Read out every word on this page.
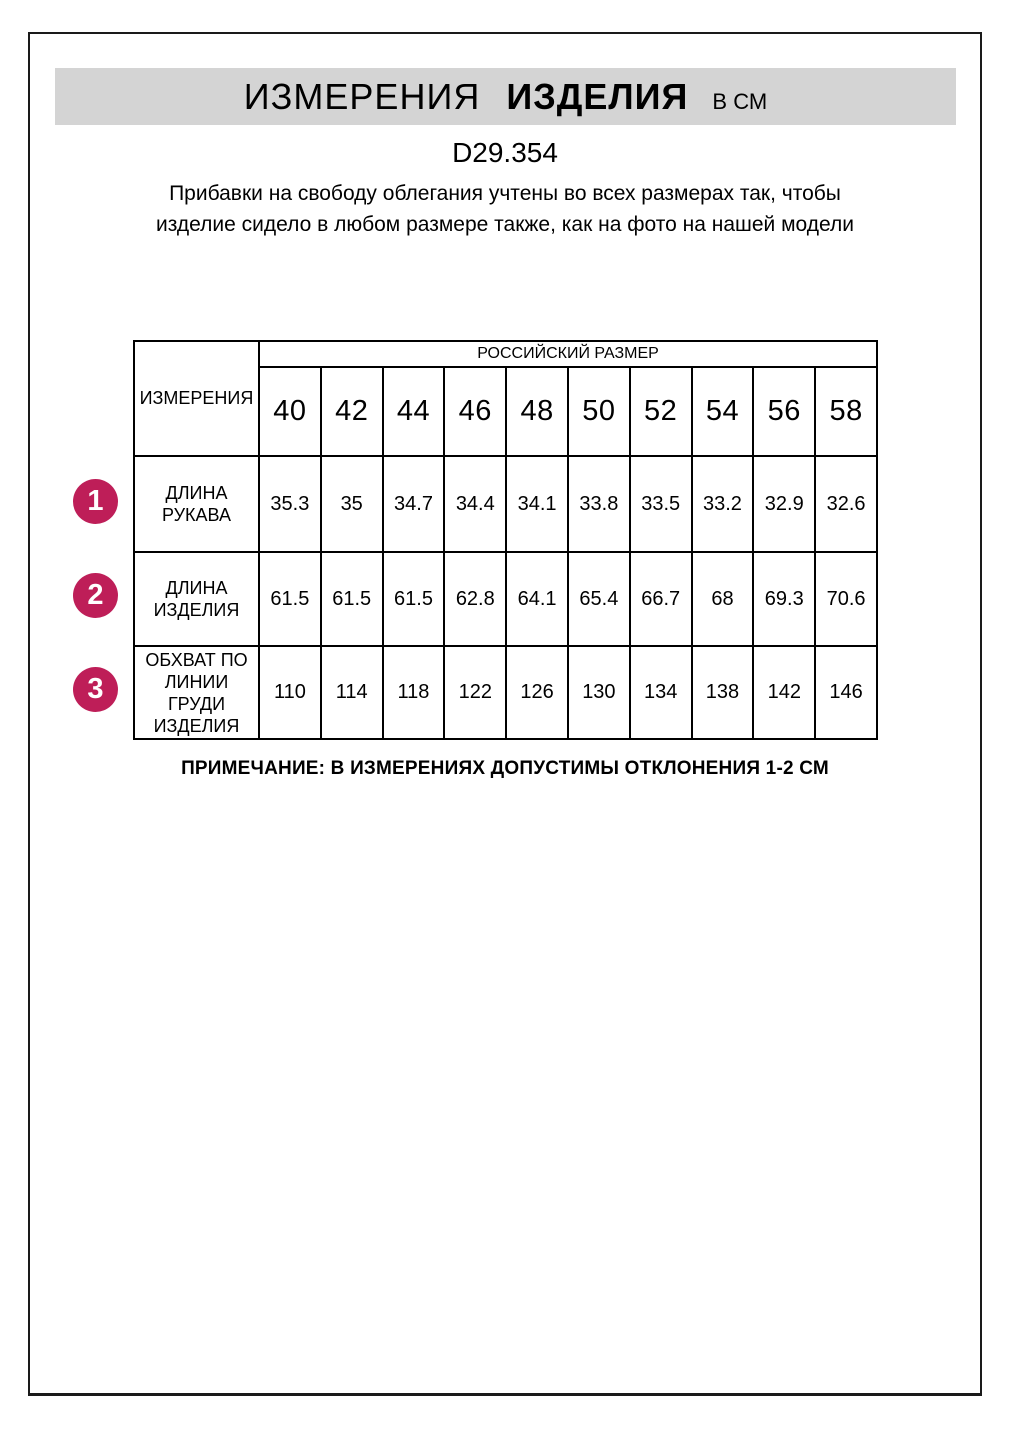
ИЗМЕРЕНИЯ ИЗДЕЛИЯ В СМ
D29.354

Прибавки на свободу облегания учтены во всех размерах так, чтобы изделие сидело в любом размере также, как на фото на нашей модели

ИЗМЕРЕНИЯ	РОССИЙСКИЙ РАЗМЕР									
	40	42	44	46	48	50	52	54	56	58
ДЛИНА РУКАВА	35.3	35	34.7	34.4	34.1	33.8	33.5	33.2	32.9	32.6
ДЛИНА ИЗДЕЛИЯ	61.5	61.5	61.5	62.8	64.1	65.4	66.7	68	69.3	70.6
ОБХВАТ ПО ЛИНИИ ГРУДИ ИЗДЕЛИЯ	110	114	118	122	126	130	134	138	142	146
1
2
3

ПРИМЕЧАНИЕ: В ИЗМЕРЕНИЯХ ДОПУСТИМЫ ОТКЛОНЕНИЯ 1-2 СМ
